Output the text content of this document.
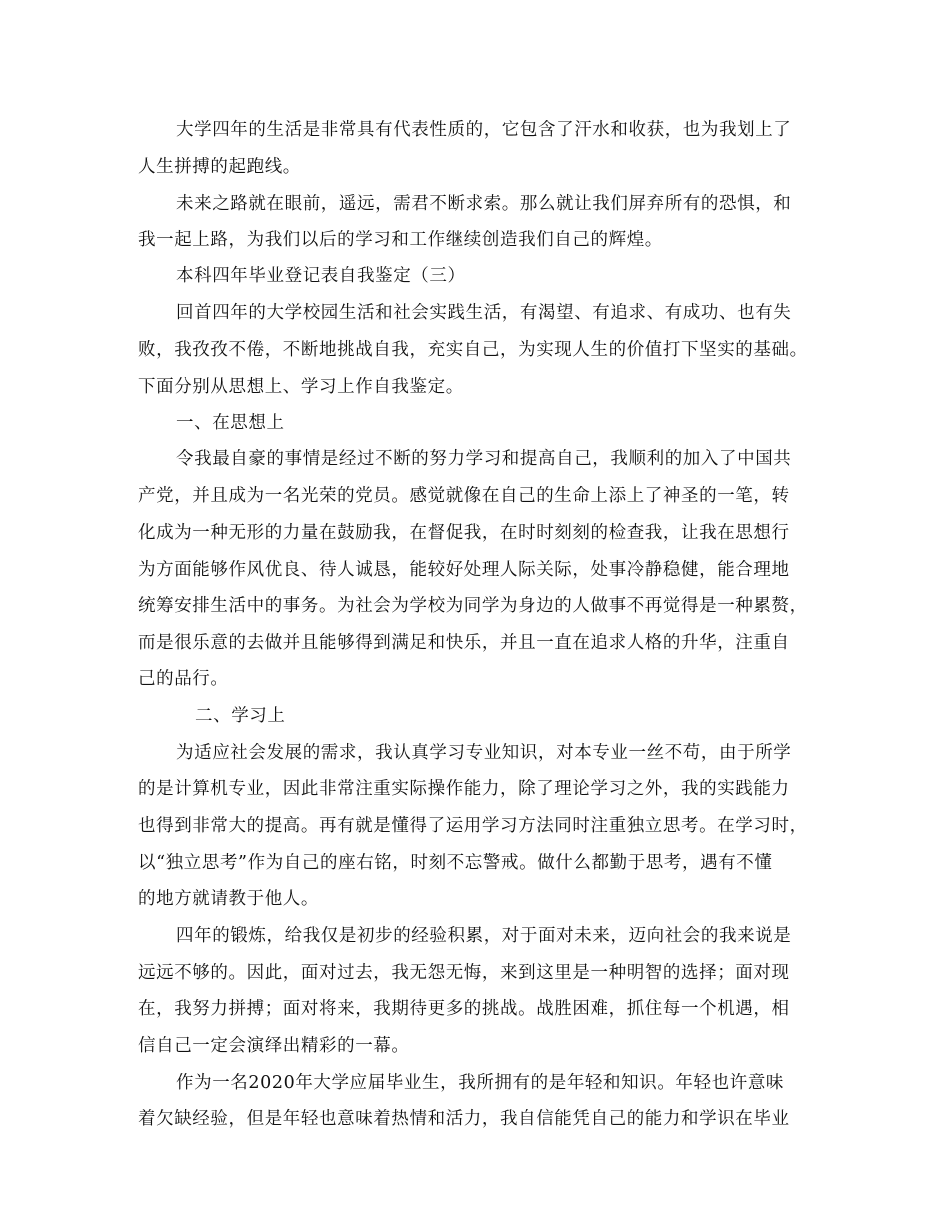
大学四年的生活是非常具有代表性质的，它包含了汗水和收获，也为我划上了
人生拼搏的起跑线。
未来之路就在眼前，遥远，需君不断求索。那么就让我们屏弃所有的恐惧，和
我一起上路，为我们以后的学习和工作继续创造我们自己的辉煌。
本科四年毕业登记表自我鉴定（三）
回首四年的大学校园生活和社会实践生活，有渴望、有追求、有成功、也有失
败，我孜孜不倦，不断地挑战自我，充实自己，为实现人生的价值打下坚实的基础。
下面分别从思想上、学习上作自我鉴定。
一、在思想上
令我最自豪的事情是经过不断的努力学习和提高自己，我顺利的加入了中国共
产党，并且成为一名光荣的党员。感觉就像在自己的生命上添上了神圣的一笔，转
化成为一种无形的力量在鼓励我，在督促我，在时时刻刻的检查我，让我在思想行
为方面能够作风优良、待人诚恳，能较好处理人际关际，处事冷静稳健，能合理地
统筹安排生活中的事务。为社会为学校为同学为身边的人做事不再觉得是一种累赘，
而是很乐意的去做并且能够得到满足和快乐，并且一直在追求人格的升华，注重自
己的品行。
二、学习上
为适应社会发展的需求，我认真学习专业知识，对本专业一丝不苟，由于所学
的是计算机专业，因此非常注重实际操作能力，除了理论学习之外，我的实践能力
也得到非常大的提高。再有就是懂得了运用学习方法同时注重独立思考。在学习时，
以“独立思考”作为自己的座右铭，时刻不忘警戒。做什么都勤于思考，遇有不懂
的地方就请教于他人。
四年的锻炼，给我仅是初步的经验积累，对于面对未来，迈向社会的我来说是
远远不够的。因此，面对过去，我无怨无悔，来到这里是一种明智的选择；面对现
在，我努力拼搏；面对将来，我期待更多的挑战。战胜困难，抓住每一个机遇，相
信自己一定会演绎出精彩的一幕。
作为一名2020年大学应届毕业生，我所拥有的是年轻和知识。年轻也许意味
着欠缺经验，但是年轻也意味着热情和活力，我自信能凭自己的能力和学识在毕业
